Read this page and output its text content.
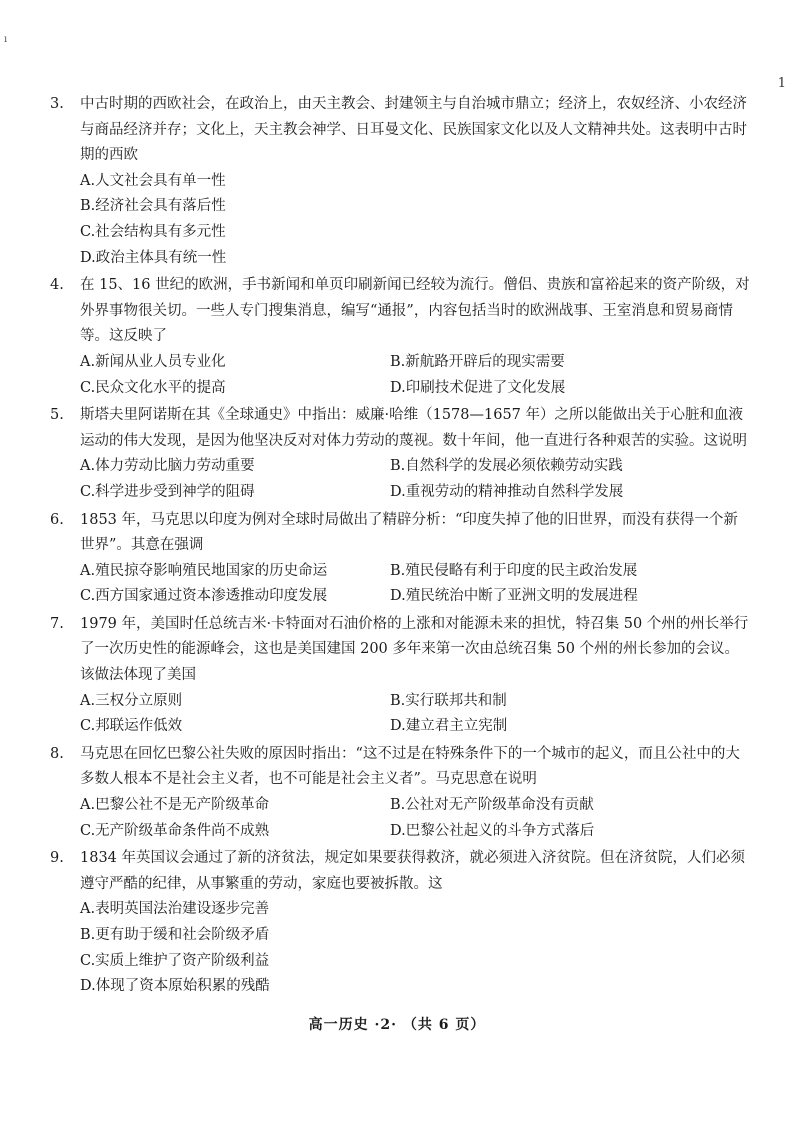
ı
1
3. 中古时期的西欧社会，在政治上，由天主教会、封建领主与自治城市鼎立；经济上，农奴经济、小农经济与商品经济并存；文化上，天主教会神学、日耳曼文化、民族国家文化以及人文精神共处。这表明中古时期的西欧
A.人文社会具有单一性
B.经济社会具有落后性
C.社会结构具有多元性
D.政治主体具有统一性
4. 在 15、16 世纪的欧洲，手书新闻和单页印刷新闻已经较为流行。僧侣、贵族和富裕起来的资产阶级，对外界事物很关切。一些人专门搜集消息，编写“通报”，内容包括当时的欧洲战事、王室消息和贸易商情等。这反映了
A.新闻从业人员专业化	B.新航路开辟后的现实需要
C.民众文化水平的提高	D.印刷技术促进了文化发展
5. 斯塔夫里阿诺斯在其《全球通史》中指出：威廉·哈维（1578—1657 年）之所以能做出关于心脏和血液运动的伟大发现，是因为他坚决反对对体力劳动的蔑视。数十年间，他一直进行各种艰苦的实验。这说明
A.体力劳动比脑力劳动重要	B.自然科学的发展必须依赖劳动实践
C.科学进步受到神学的阻碍	D.重视劳动的精神推动自然科学发展
6. 1853 年，马克思以印度为例对全球时局做出了精辟分析：“印度失掉了他的旧世界，而没有获得一个新世界”。其意在强调
A.殖民掠夺影响殖民地国家的历史命运	B.殖民侵略有利于印度的民主政治发展
C.西方国家通过资本渗透推动印度发展	D.殖民统治中断了亚洲文明的发展进程
7. 1979 年，美国时任总统吉米·卡特面对石油价格的上涨和对能源未来的担忧，特召集 50 个州的州长举行了一次历史性的能源峰会，这也是美国建国 200 多年来第一次由总统召集 50 个州的州长参加的会议。该做法体现了美国
A.三权分立原则	B.实行联邦共和制
C.邦联运作低效	D.建立君主立宪制
8. 马克思在回忆巴黎公社失败的原因时指出：“这不过是在特殊条件下的一个城市的起义，而且公社中的大多数人根本不是社会主义者，也不可能是社会主义者”。马克思意在说明
A.巴黎公社不是无产阶级革命	B.公社对无产阶级革命没有贡献
C.无产阶级革命条件尚不成熟	D.巴黎公社起义的斗争方式落后
9. 1834 年英国议会通过了新的济贫法，规定如果要获得救济，就必须进入济贫院。但在济贫院，人们必须遵守严酷的纪律，从事繁重的劳动，家庭也要被拆散。这
A.表明英国法治建设逐步完善
B.更有助于缓和社会阶级矛盾
C.实质上维护了资产阶级利益
D.体现了资本原始积累的残酷
高一历史 ·2· （共 6 页）
